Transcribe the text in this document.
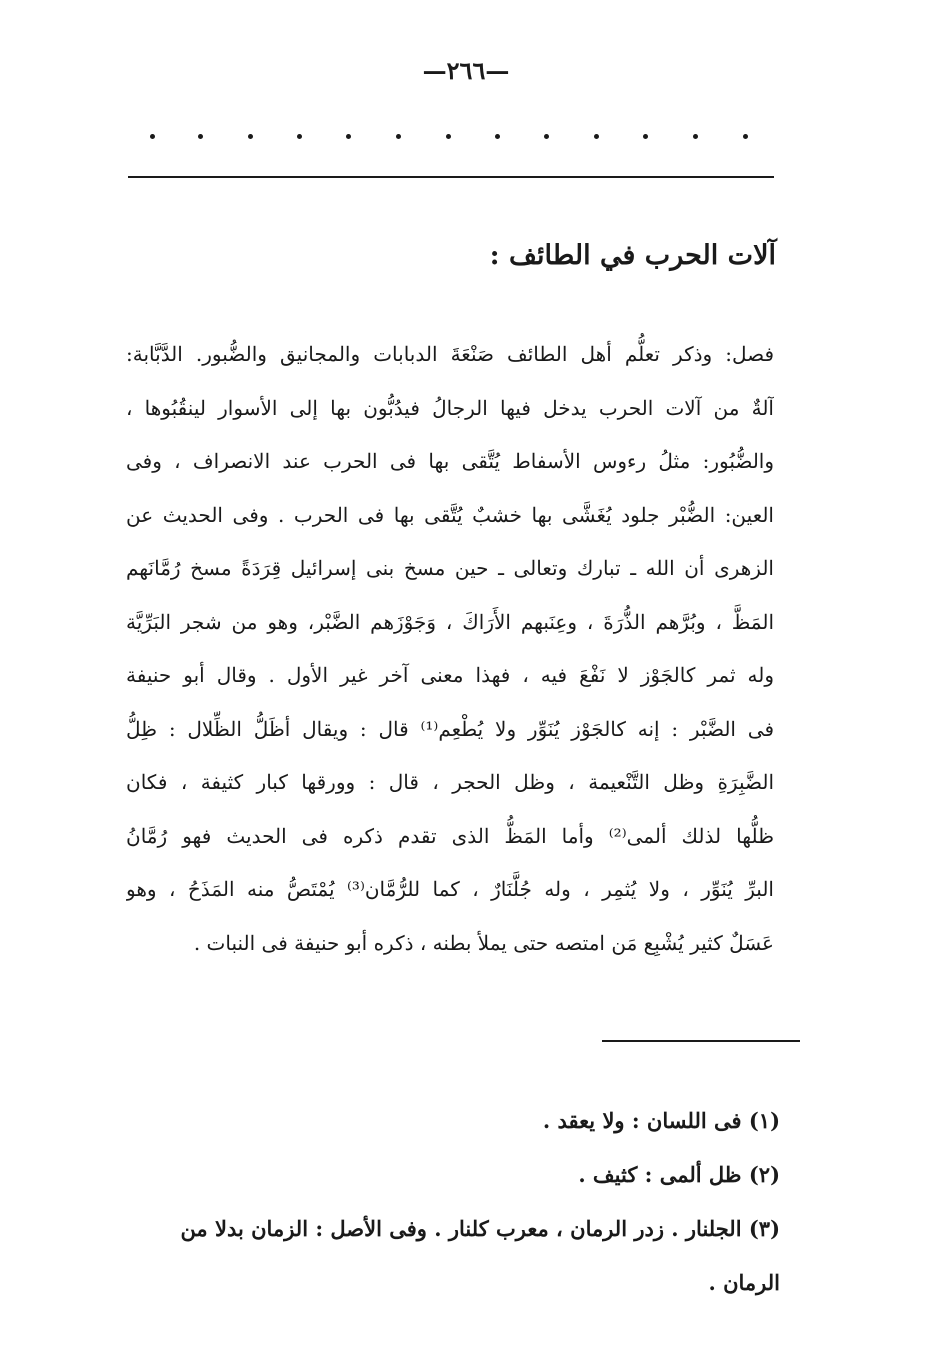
—٢٦٦—
آلات الحرب في الطائف :
فصل: وذكر تعلُّم أهل الطائف صَنْعَةَ الدبابات والمجانيق والضُّبور. الدَّبَّابة:
آلةٌ من آلات الحرب يدخل فيها الرجالُ فيدُبُّون بها إلى الأسوار لينقُبُوها ،
والضُّبُور: مثلُ رءوس الأسفاط يُتَّقى بها فى الحرب عند الانصراف ، وفى
العين: الضُّبْر جلود يُغَشَّى بها خشبٌ يُتَّقى بها فى الحرب . وفى الحديث عن
الزهرى أن الله ـ تبارك وتعالى ـ حين مسخ بنى إسرائيل قِرَدَةً مسخ رُمَّانَهم
المَظَّ ، وبُرَّهم الذُّرَةَ ، وعِنَبهم الأَرَاكَ ، وَجَوْزَهم الضَّبْر، وهو من شجر البَرِّيَّة
وله ثمر كالجَوْز لا نَفْعَ فيه ، فهذا معنى آخر غير الأول . وقال أبو حنيفة
فى الضَّبْر : إنه كالجَوْز يُنَوِّر ولا يُطْعِم⁽¹⁾ قال : ويقال أظَلُّ الظِّلال : ظِلُّ
الضَّبِرَةِ وظل التَّنْعيمة ، وظل الحجر ، قال : وورقها كبار كثيفة ، فكان
ظلُّها لذلك ألمى⁽²⁾ وأما المَظُّ الذى تقدم ذكره فى الحديث فهو رُمَّانُ
البرِّ يُنَوِّر ، ولا يُثمِر ، وله جُلَّنَارٌ ، كما للرُّمَّان⁽³⁾ يُمْتَصُّ منه المَذَحُ ، وهو
عَسَلٌ كثير يُشْبِع مَن امتصه حتى يملأ بطنه ، ذكره أبو حنيفة فى النبات .
(١) فى اللسان : ولا يعقد .
(٢) ظل ألمى : كثيف .
(٣) الجلنار . زدر الرمان ، معرب كلنار . وفى الأصل : الزمان بدلا من الرمان .
